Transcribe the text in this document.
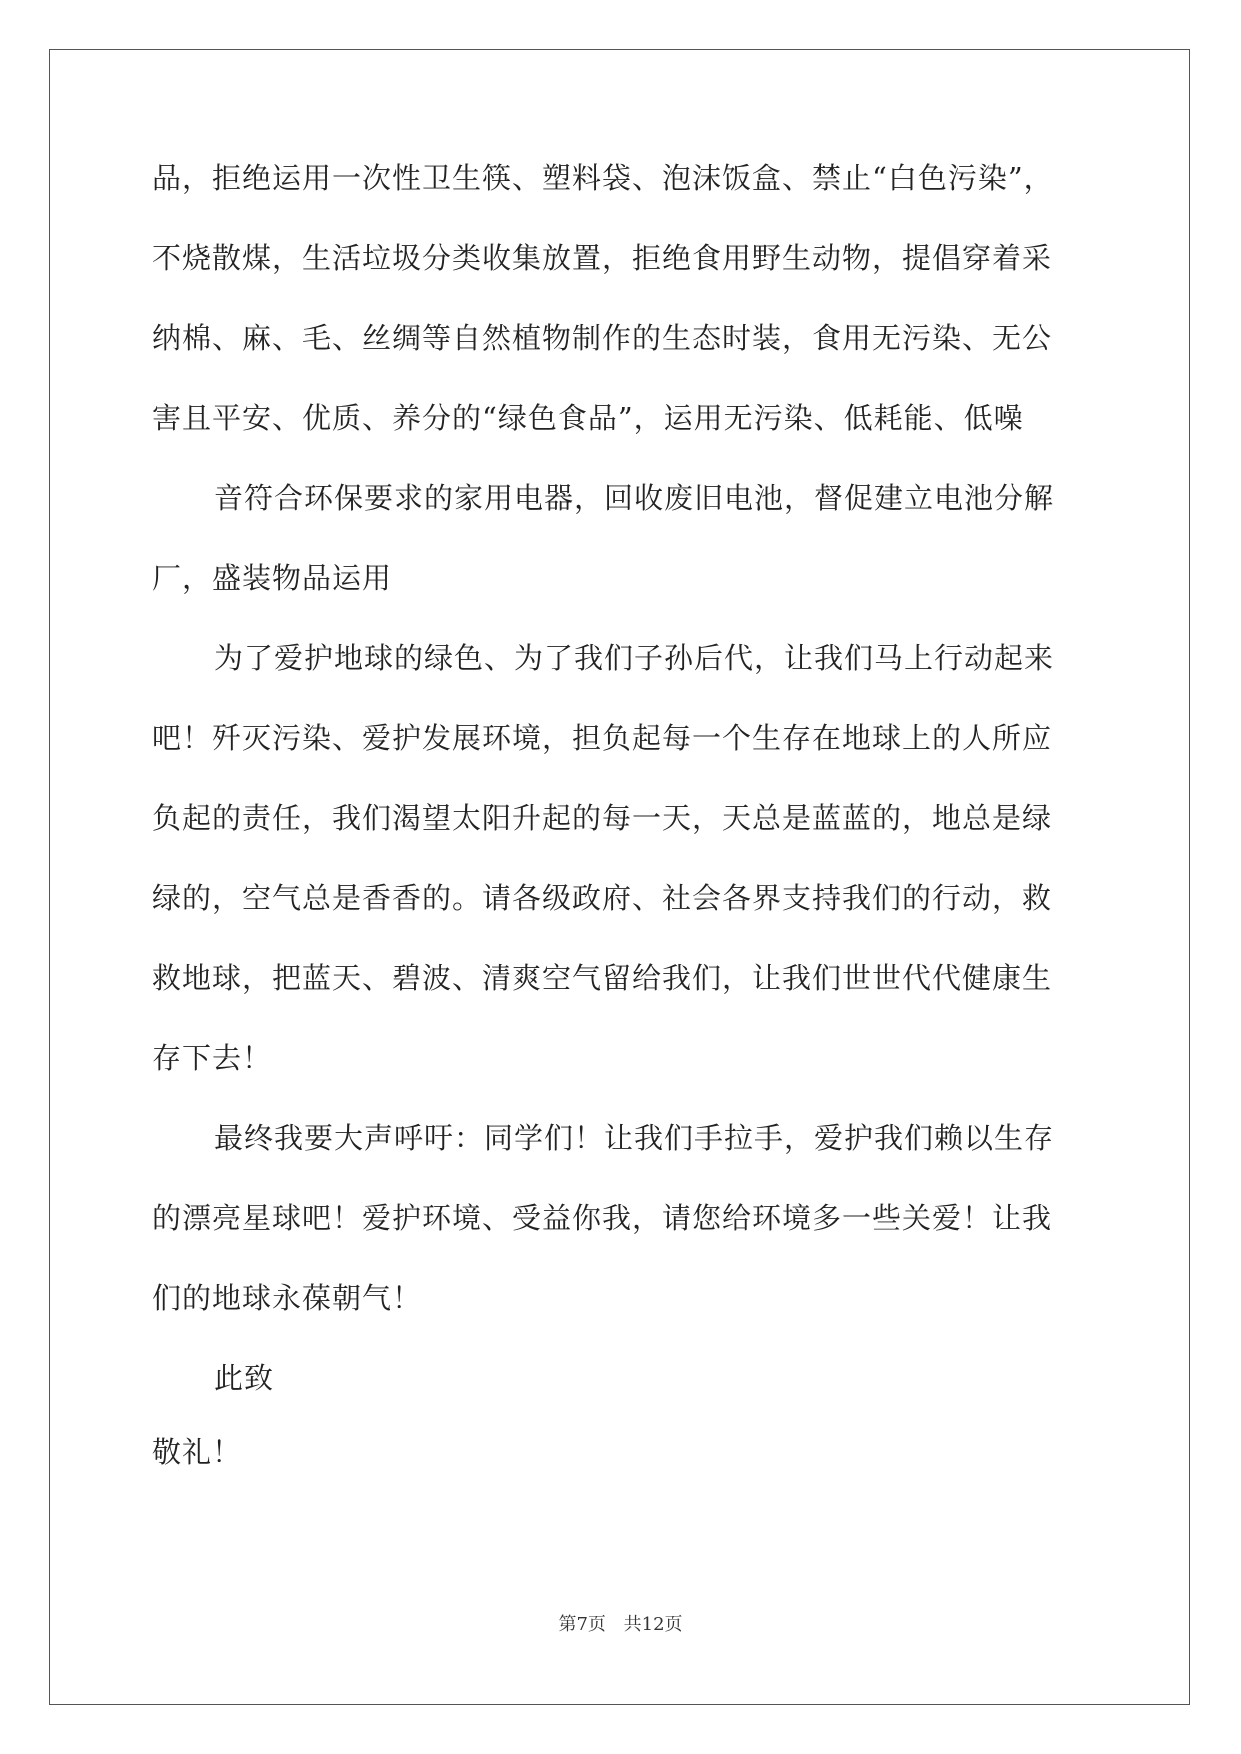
品，拒绝运用一次性卫生筷、塑料袋、泡沫饭盒、禁止“白色污染”，
不烧散煤，生活垃圾分类收集放置，拒绝食用野生动物，提倡穿着采
纳棉、麻、毛、丝绸等自然植物制作的生态时装，食用无污染、无公
害且平安、优质、养分的“绿色食品”，运用无污染、低耗能、低噪
音符合环保要求的家用电器，回收废旧电池，督促建立电池分解
厂，盛装物品运用
为了爱护地球的绿色、为了我们子孙后代，让我们马上行动起来
吧！歼灭污染、爱护发展环境，担负起每一个生存在地球上的人所应
负起的责任，我们渴望太阳升起的每一天，天总是蓝蓝的，地总是绿
绿的，空气总是香香的。请各级政府、社会各界支持我们的行动，救
救地球，把蓝天、碧波、清爽空气留给我们，让我们世世代代健康生
存下去！
最终我要大声呼吁：同学们！让我们手拉手，爱护我们赖以生存
的漂亮星球吧！爱护环境、受益你我，请您给环境多一些关爱！让我
们的地球永葆朝气！
此致
敬礼！
第7页 共12页
